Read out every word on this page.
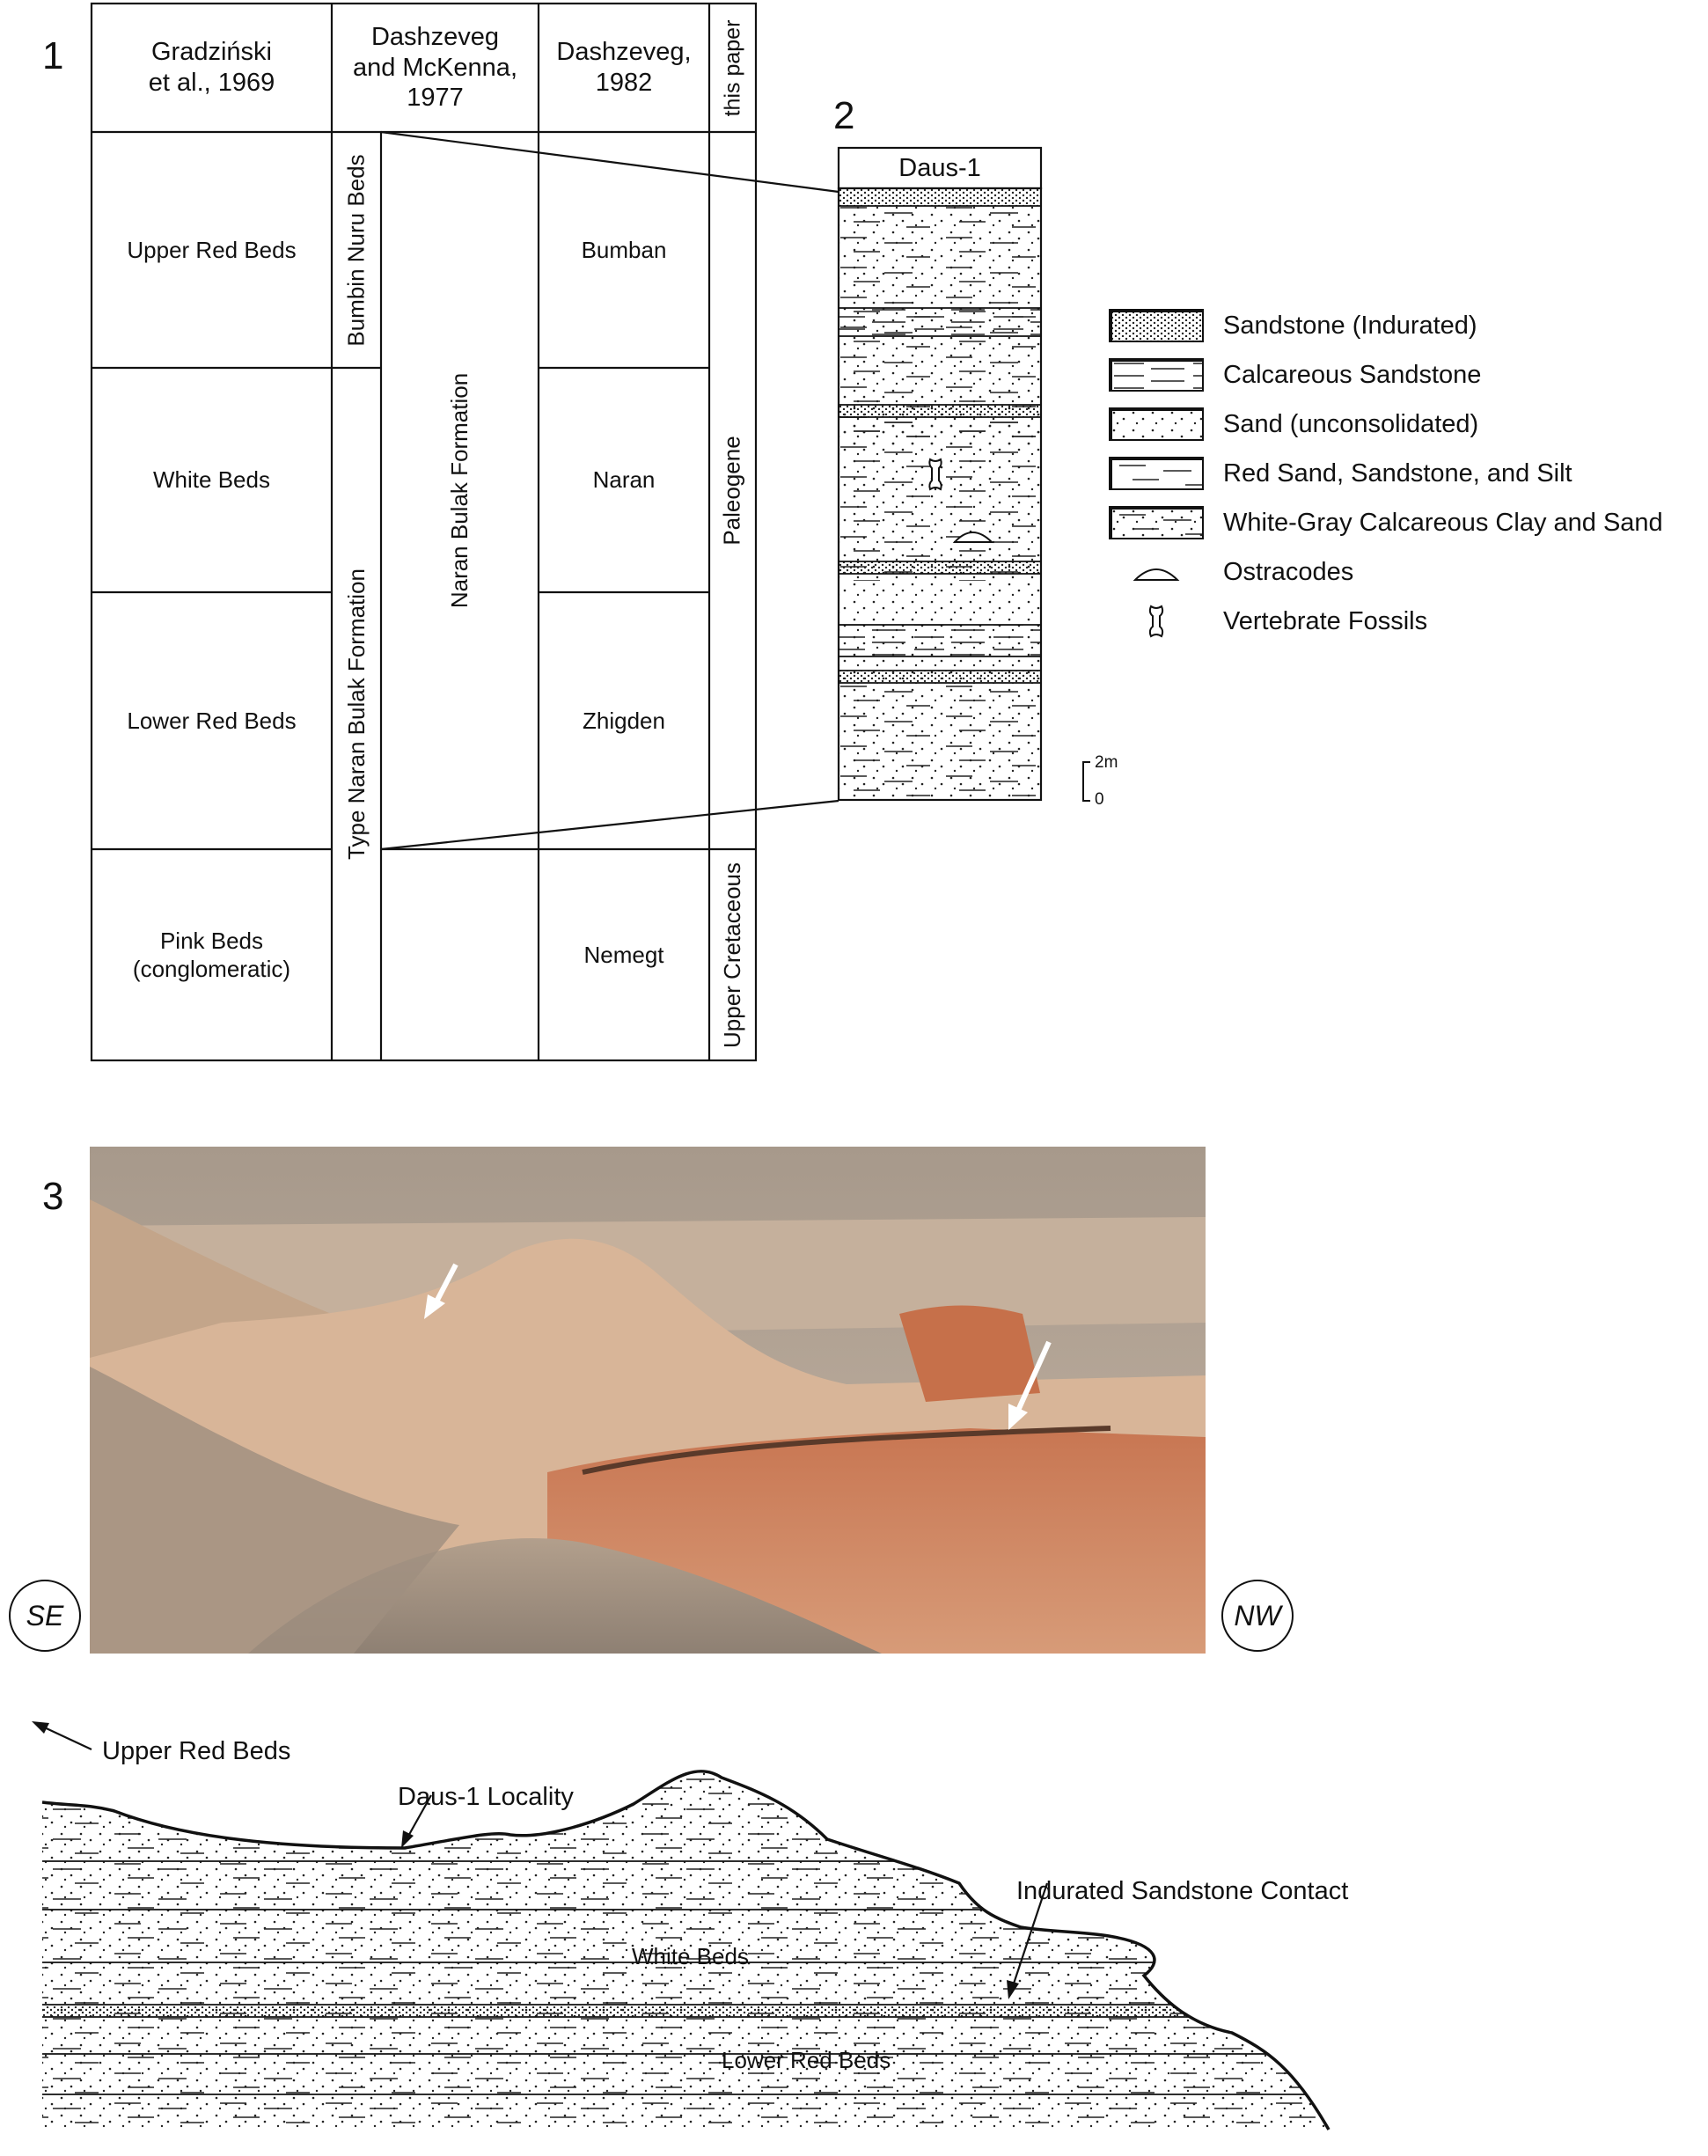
1
2
3
Gradziński
et al., 1969
Dashzeveg
and McKenna,
1977
Dashzeveg,
1982	this paper
Upper Red Beds
White Beds
Lower Red Beds
Pink Beds
(conglomeratic)
Bumbin Nuru Beds
Type Naran Bulak Formation
Naran Bulak Formation
Bumban
Naran
Zhigden
Nemegt
Paleogene
Upper Cretaceous
Daus-1
2m
0
Sandstone (Indurated)
Calcareous Sandstone
Sand (unconsolidated)
Red Sand, Sandstone, and Silt
White-Gray Calcareous Clay and Sand
Ostracodes
Vertebrate Fossils
SE	NW
Upper Red Beds
Daus-1 Locality
Indurated Sandstone Contact
White Beds
Lower Red Beds
